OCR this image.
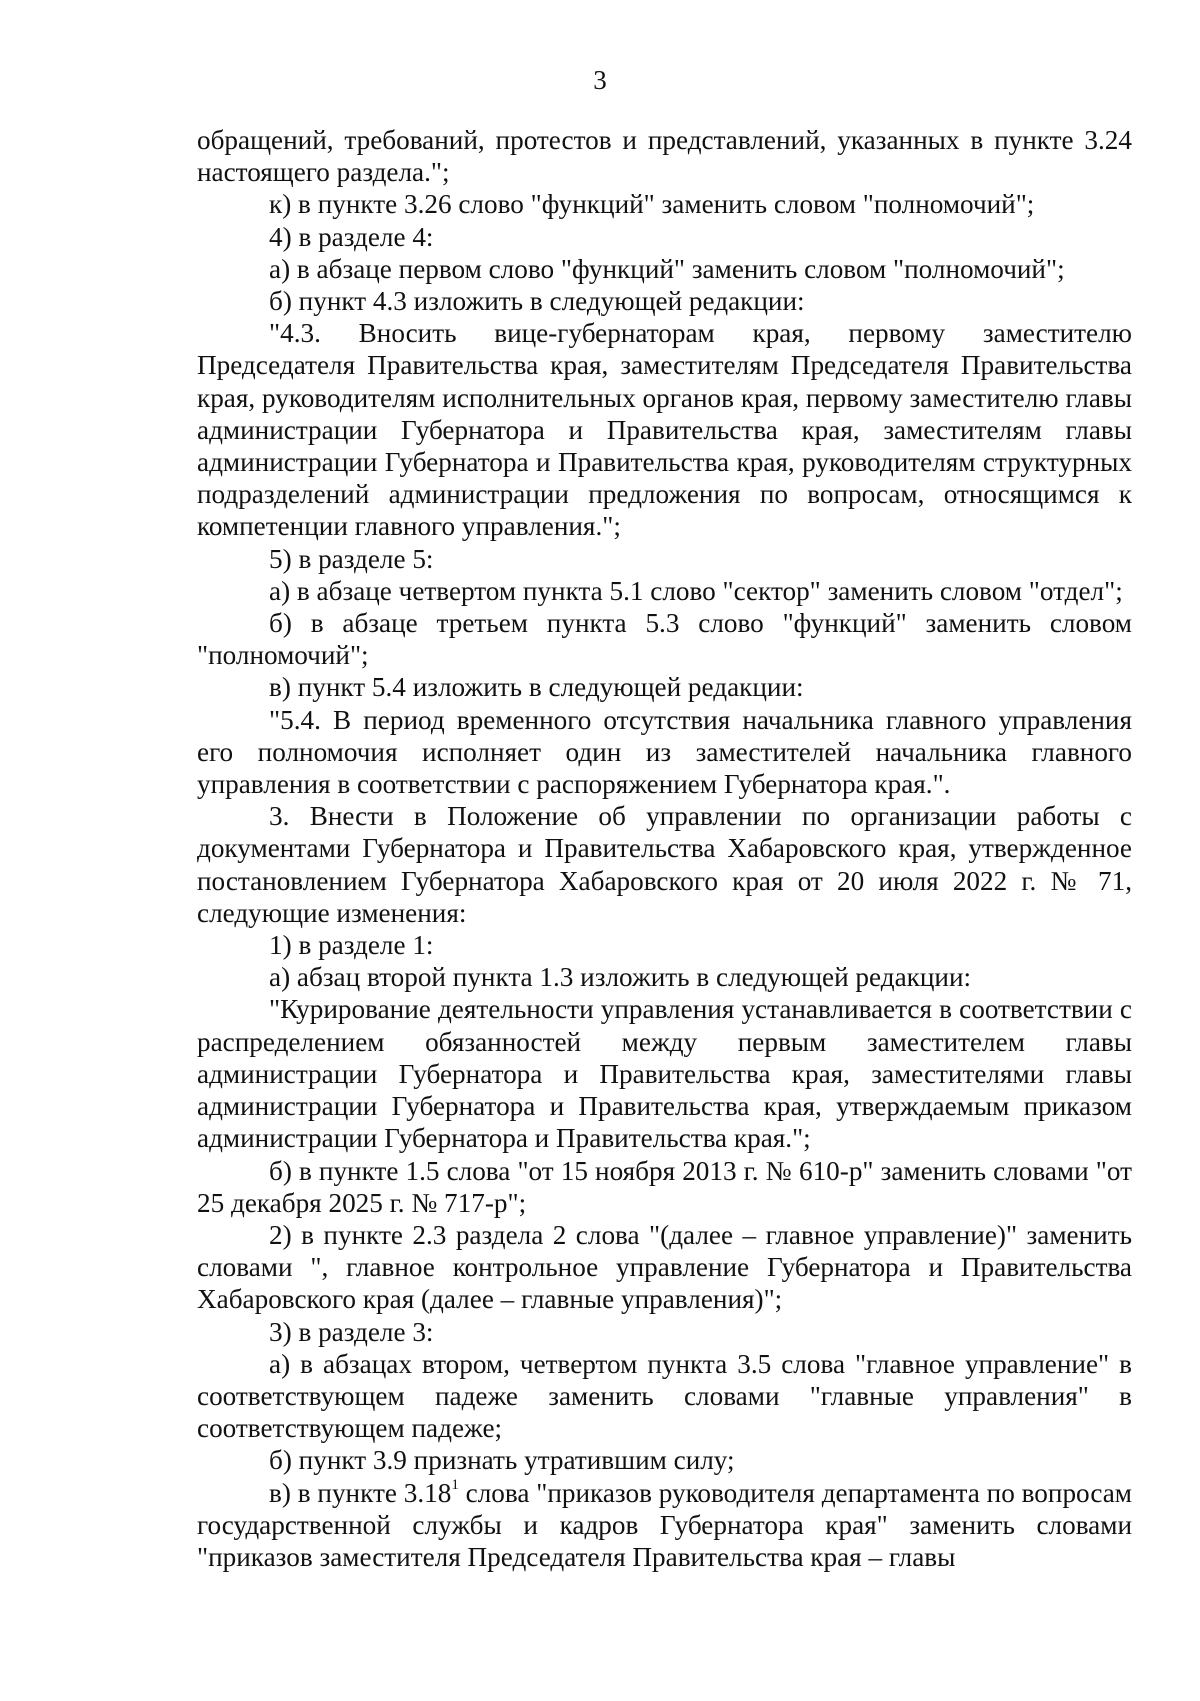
3

обращений, требований, протестов и представлений, указанных в пункте 3.24 настоящего раздела.";

к) в пункте 3.26 слово "функций" заменить словом "полномочий";

4) в разделе 4:

а) в абзаце первом слово "функций" заменить словом "полномочий";

б) пункт 4.3 изложить в следующей редакции:

"4.3. Вносить вице-губернаторам края, первому заместителю Председателя Правительства края, заместителям Председателя Правительства края, руководителям исполнительных органов края, первому заместителю главы администрации Губернатора и Правительства края, заместителям главы администрации Губернатора и Правительства края, руководителям структурных подразделений администрации предложения по вопросам, относящимся к компетенции главного управления.";

5) в разделе 5:

а) в абзаце четвертом пункта 5.1 слово "сектор" заменить словом "отдел";

б) в абзаце третьем пункта 5.3 слово "функций" заменить словом "полномочий";

в) пункт 5.4 изложить в следующей редакции:

"5.4. В период временного отсутствия начальника главного управления его полномочия исполняет один из заместителей начальника главного управления в соответствии с распоряжением Губернатора края.".

3. Внести в Положение об управлении по организации работы с документами Губернатора и Правительства Хабаровского края, утвержденное постановлением Губернатора Хабаровского края от 20 июля 2022 г. № 71, следующие изменения:

1) в разделе 1:

а) абзац второй пункта 1.3 изложить в следующей редакции:

"Курирование деятельности управления устанавливается в соответствии с распределением обязанностей между первым заместителем главы администрации Губернатора и Правительства края, заместителями главы администрации Губернатора и Правительства края, утверждаемым приказом администрации Губернатора и Правительства края.";

б) в пункте 1.5 слова "от 15 ноября 2013 г. № 610-р" заменить словами "от 25 декабря 2025 г. № 717-р";

2) в пункте 2.3 раздела 2 слова "(далее – главное управление)" заменить словами ", главное контрольное управление Губернатора и Правительства Хабаровского края (далее – главные управления)";

3) в разделе 3:

а) в абзацах втором, четвертом пункта 3.5 слова "главное управление" в соответствующем падеже заменить словами "главные управления" в соответствующем падеже;

б) пункт 3.9 признать утратившим силу;

в) в пункте 3.18$^1$ слова "приказов руководителя департамента по вопросам государственной службы и кадров Губернатора края" заменить словами "приказов заместителя Председателя Правительства края – главы
